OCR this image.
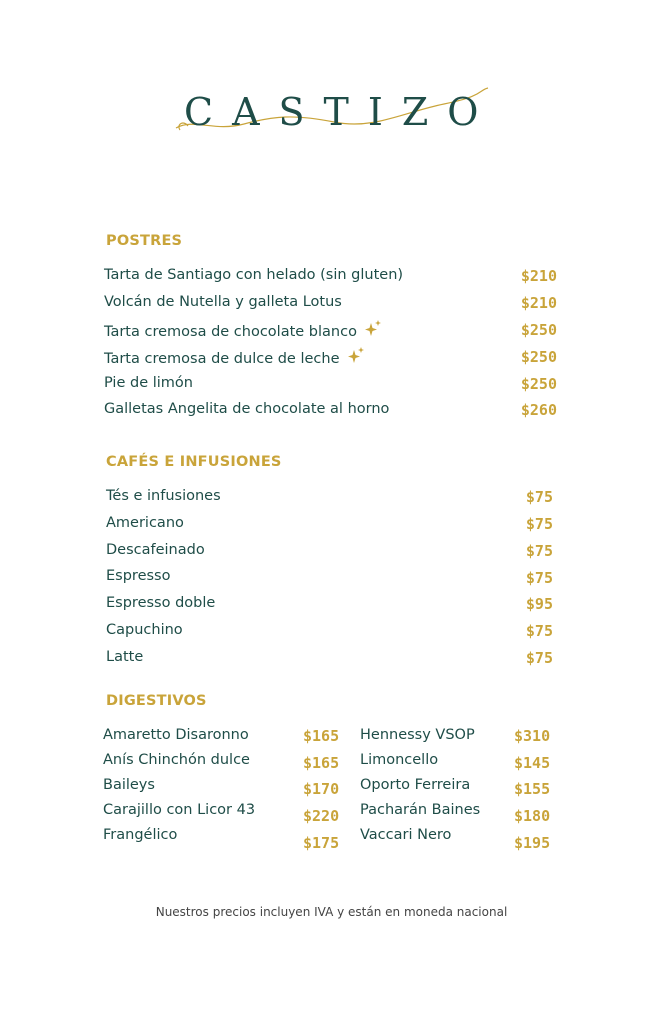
CASTIZO
POSTRES
Tarta de Santiago con helado (sin gluten)	$210
Volcán de Nutella y galleta Lotus	$210
Tarta cremosa de chocolate blanco	$250
Tarta cremosa de dulce de leche	$250
Pie de limón	$250
Galletas Angelita de chocolate al horno	$260
CAFÉS E INFUSIONES
Tés e infusiones	$75
Americano	$75
Descafeinado	$75
Espresso	$75
Espresso doble	$95
Capuchino	$75
Latte	$75
DIGESTIVOS
Amaretto Disaronno	$165
Anís Chinchón dulce	$165
Baileys	$170
Carajillo con Licor 43	$220
Frangélico	$175
Hennessy VSOP	$310
Limoncello	$145
Oporto Ferreira	$155
Pacharán Baines $180
Vaccari Nero	$195
Nuestros precios incluyen IVA y están en moneda nacional
